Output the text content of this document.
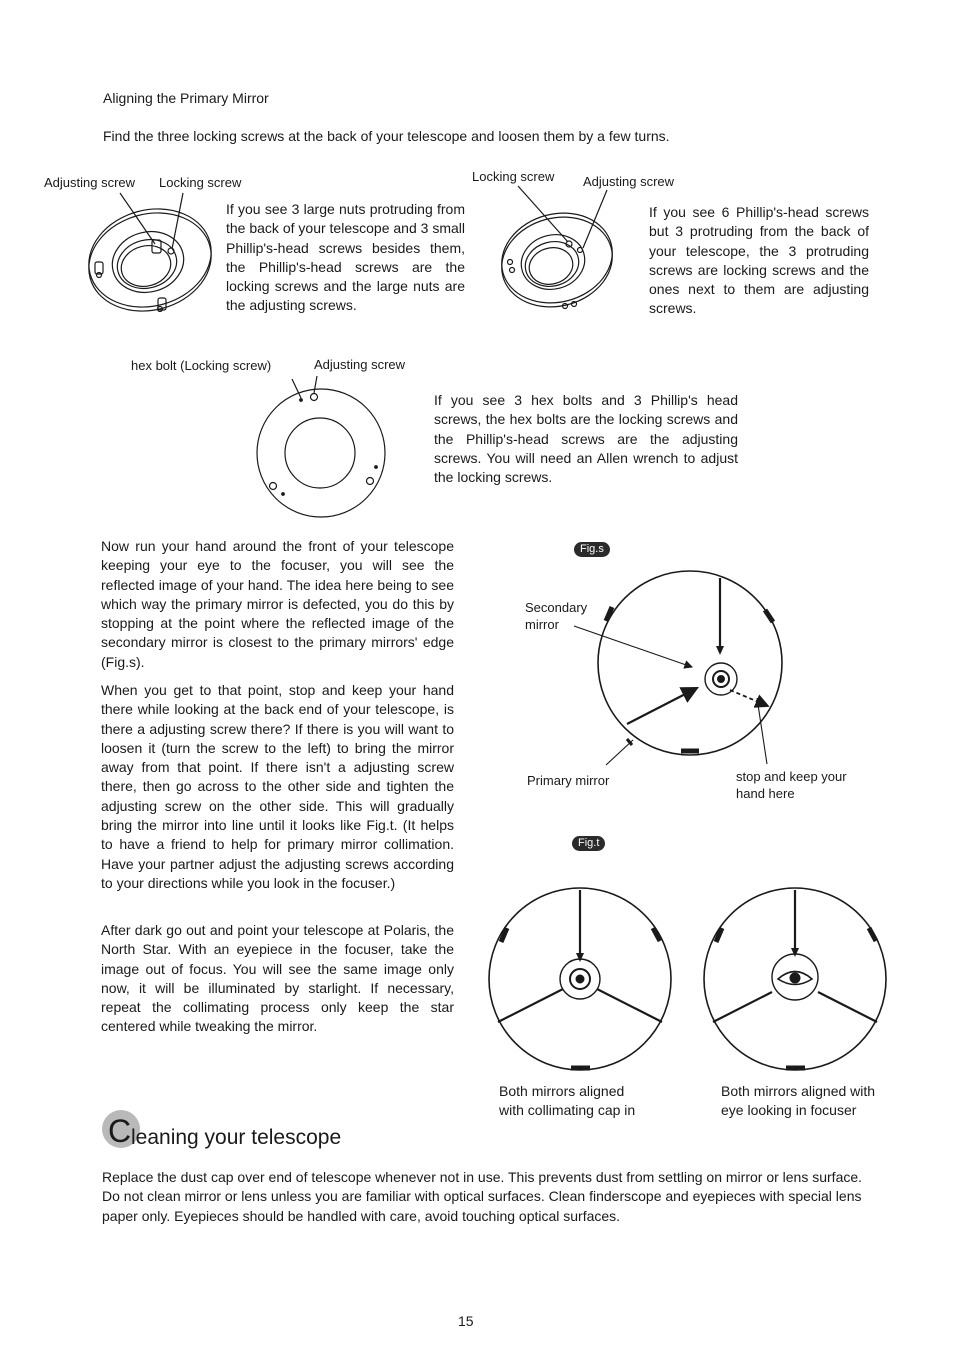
Aligning the Primary Mirror
Find the three locking screws at the back of your telescope and loosen them by a few turns.
Adjusting screw Locking screw
If you see 3 large nuts protruding from the back of your telescope and 3 small Phillip's-head screws besides them, the Phillip's-head screws are the locking screws and the large nuts are the adjusting screws.
Locking screw Adjusting screw
If you see 6 Phillip's-head screws but 3 protruding from the back of your telescope, the 3 protruding screws are locking screws and the ones next to them are adjusting screws.
hex bolt (Locking screw)	Adjusting screw
If you see 3 hex bolts and 3 Phillip's head screws, the hex bolts are the locking screws and the Phillip's-head screws are the adjusting screws. You will need an Allen wrench to adjust the locking screws.
Now run your hand around the front of your telescope keeping your eye to the focuser, you will see the reflected image of your hand. The idea here being to see which way the primary mirror is defected, you do this by stopping at the point where the reflected image of the secondary mirror is closest to the primary mirrors' edge (Fig.s).
When you get to that point, stop and keep your hand there while looking at the back end of your telescope, is there a adjusting screw there? If there is you will want to loosen it (turn the screw to the left) to bring the mirror away from that point. If there isn't a adjusting screw there, then go across to the other side and tighten the adjusting screw on the other side. This will gradually bring the mirror into line until it looks like Fig.t. (It helps to have a friend to help for primary mirror collimation. Have your partner adjust the adjusting screws according to your directions while you look in the focuser.)
After dark go out and point your telescope at Polaris, the North Star. With an eyepiece in the focuser, take the image out of focus. You will see the same image only now, it will be illuminated by starlight. If necessary, repeat the collimating process only keep the star centered while tweaking the mirror.
Fig.s
Secondary
mirror
Primary mirror	stop and keep your
hand here
Fig.t
Both mirrors aligned
with collimating cap in
Both mirrors aligned with
eye looking in focuser
C leaning your telescope
Replace the dust cap over end of telescope whenever not in use. This prevents dust from settling on mirror or lens surface. Do not clean mirror or lens unless you are familiar with optical surfaces. Clean finderscope and eyepieces with special lens paper only. Eyepieces should be handled with care, avoid touching optical surfaces.
15
